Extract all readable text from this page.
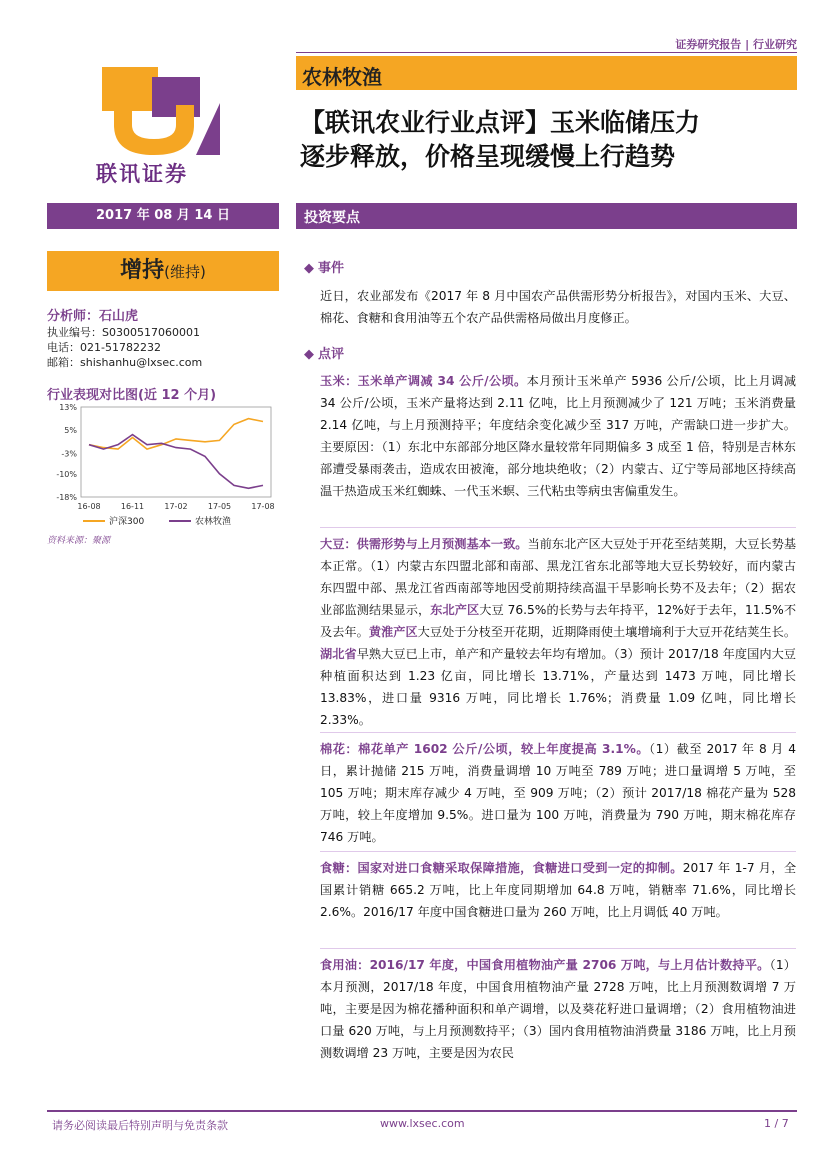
证券研究报告 | 行业研究
农林牧渔
【联讯农业行业点评】玉米临储压力
逐步释放，价格呈现缓慢上行趋势
联讯证券
2017 年 08 月 14 日
增持(维持)
分析师：石山虎
执业编号：S0300517060001
电话：021-51782232
邮箱：shishanhu@lxsec.com
行业表现对比图(近 12 个月)
13%
5%
-3%
-10%
-18%
16-08	16-11	17-02	17-05	17-08
沪深300	农林牧渔
资料来源：聚源
投资要点
◆ 事件
近日，农业部发布《2017 年 8 月中国农产品供需形势分析报告》，对国内玉米、大豆、棉花、食糖和食用油等五个农产品供需格局做出月度修正。
◆ 点评
玉米：玉米单产调减 34 公斤/公顷。本月预计玉米单产 5936 公斤/公顷，比上月调减 34 公斤/公顷，玉米产量将达到 2.11 亿吨，比上月预测减少了 121 万吨；玉米消费量 2.14 亿吨，与上月预测持平；年度结余变化减少至 317 万吨，产需缺口进一步扩大。主要原因：（1）东北中东部部分地区降水量较常年同期偏多 3 成至 1 倍，特别是吉林东部遭受暴雨袭击，造成农田被淹，部分地块绝收；（2）内蒙古、辽宁等局部地区持续高温干热造成玉米红蜘蛛、一代玉米螟、三代粘虫等病虫害偏重发生。
大豆：供需形势与上月预测基本一致。当前东北产区大豆处于开花至结荚期，大豆长势基本正常。（1）内蒙古东四盟北部和南部、黑龙江省东北部等地大豆长势较好，而内蒙古东四盟中部、黑龙江省西南部等地因受前期持续高温干旱影响长势不及去年；（2）据农业部监测结果显示，东北产区大豆 76.5%的长势与去年持平，12%好于去年，11.5%不及去年。黄淮产区大豆处于分枝至开花期，近期降雨使土壤增墒利于大豆开花结荚生长。湖北省早熟大豆已上市，单产和产量较去年均有增加。（3）预计 2017/18 年度国内大豆种植面积达到 1.23 亿亩，同比增长 13.71%，产量达到 1473 万吨，同比增长 13.83%，进口量 9316 万吨，同比增长 1.76%；消费量 1.09 亿吨，同比增长 2.33%。
棉花：棉花单产 1602 公斤/公顷，较上年度提高 3.1%。（1）截至 2017 年 8 月 4 日，累计抛储 215 万吨，消费量调增 10 万吨至 789 万吨；进口量调增 5 万吨，至 105 万吨；期末库存减少 4 万吨，至 909 万吨；（2）预计 2017/18 棉花产量为 528 万吨，较上年度增加 9.5%。进口量为 100 万吨，消费量为 790 万吨，期末棉花库存 746 万吨。
食糖：国家对进口食糖采取保障措施，食糖进口受到一定的抑制。2017 年 1-7 月，全国累计销糖 665.2 万吨，比上年度同期增加 64.8 万吨，销糖率 71.6%，同比增长 2.6%。2016/17 年度中国食糖进口量为 260 万吨，比上月调低 40 万吨。
食用油：2016/17 年度，中国食用植物油产量 2706 万吨，与上月估计数持平。（1）本月预测，2017/18 年度，中国食用植物油产量 2728 万吨，比上月预测数调增 7 万吨，主要是因为棉花播种面积和单产调增，以及葵花籽进口量调增；（2）食用植物油进口量 620 万吨，与上月预测数持平；（3）国内食用植物油消费量 3186 万吨，比上月预测数调增 23 万吨，主要是因为农民
请务必阅读最后特别声明与免责条款	www.lxsec.com	1 / 7
